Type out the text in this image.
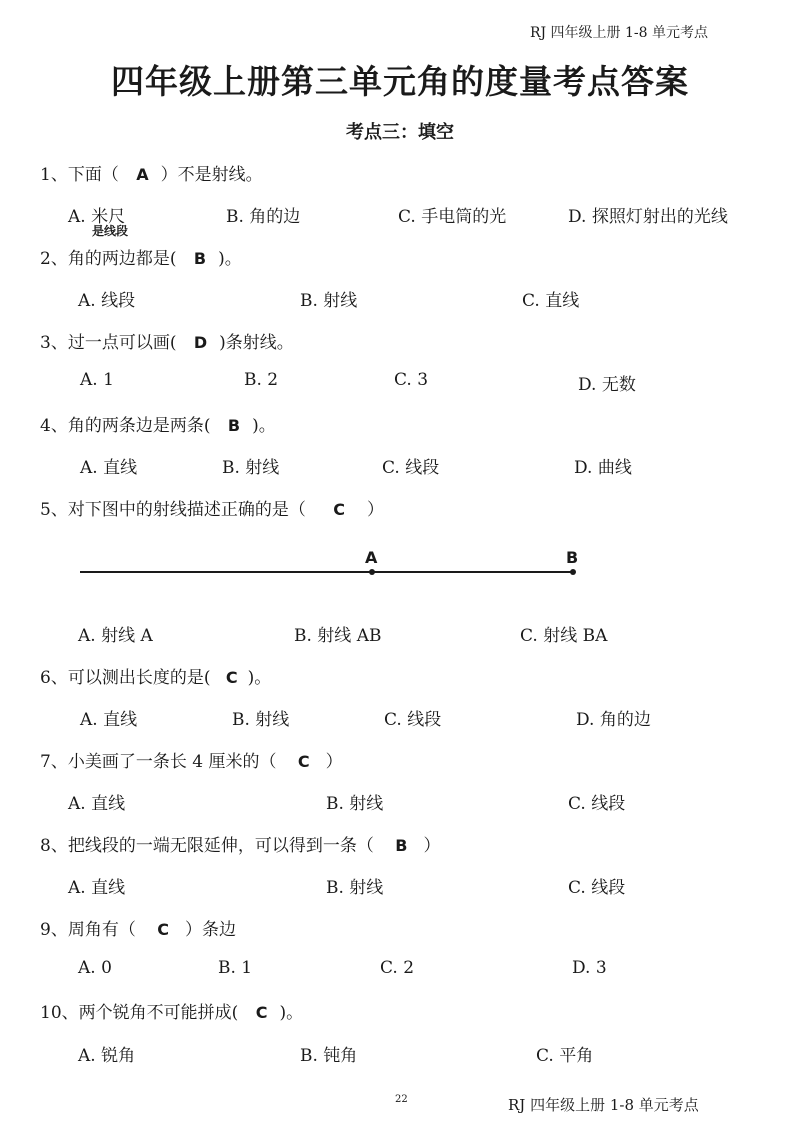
RJ 四年级上册 1-8 单元考点
四年级上册第三单元角的度量考点答案
考点三：填空
1、下面（ A ）不是射线。
A. 米尺	B. 角的边	C. 手电筒的光	D. 探照灯射出的光线
是线段
2、角的两边都是( B )。
A. 线段	B. 射线	C. 直线
3、过一点可以画( D )条射线。
A. 1	B. 2	C. 3	D. 无数
4、角的两条边是两条( B )。
A. 直线	B. 射线	C. 线段	D. 曲线
5、对下图中的射线描述正确的是（ C ）
A	B
A. 射线 A	B. 射线 AB	C. 射线 BA
6、可以测出长度的是( C )。
A. 直线	B. 射线	C. 线段	D. 角的边
7、小美画了一条长 4 厘米的（ C ）
A. 直线	B. 射线	C. 线段
8、把线段的一端无限延伸，可以得到一条（ B ）
A. 直线	B. 射线	C. 线段
9、周角有（ C ）条边
A. 0	B. 1	C. 2	D. 3
10、两个锐角不可能拼成( C )。
A. 锐角	B. 钝角	C. 平角
22	RJ 四年级上册 1-8 单元考点
